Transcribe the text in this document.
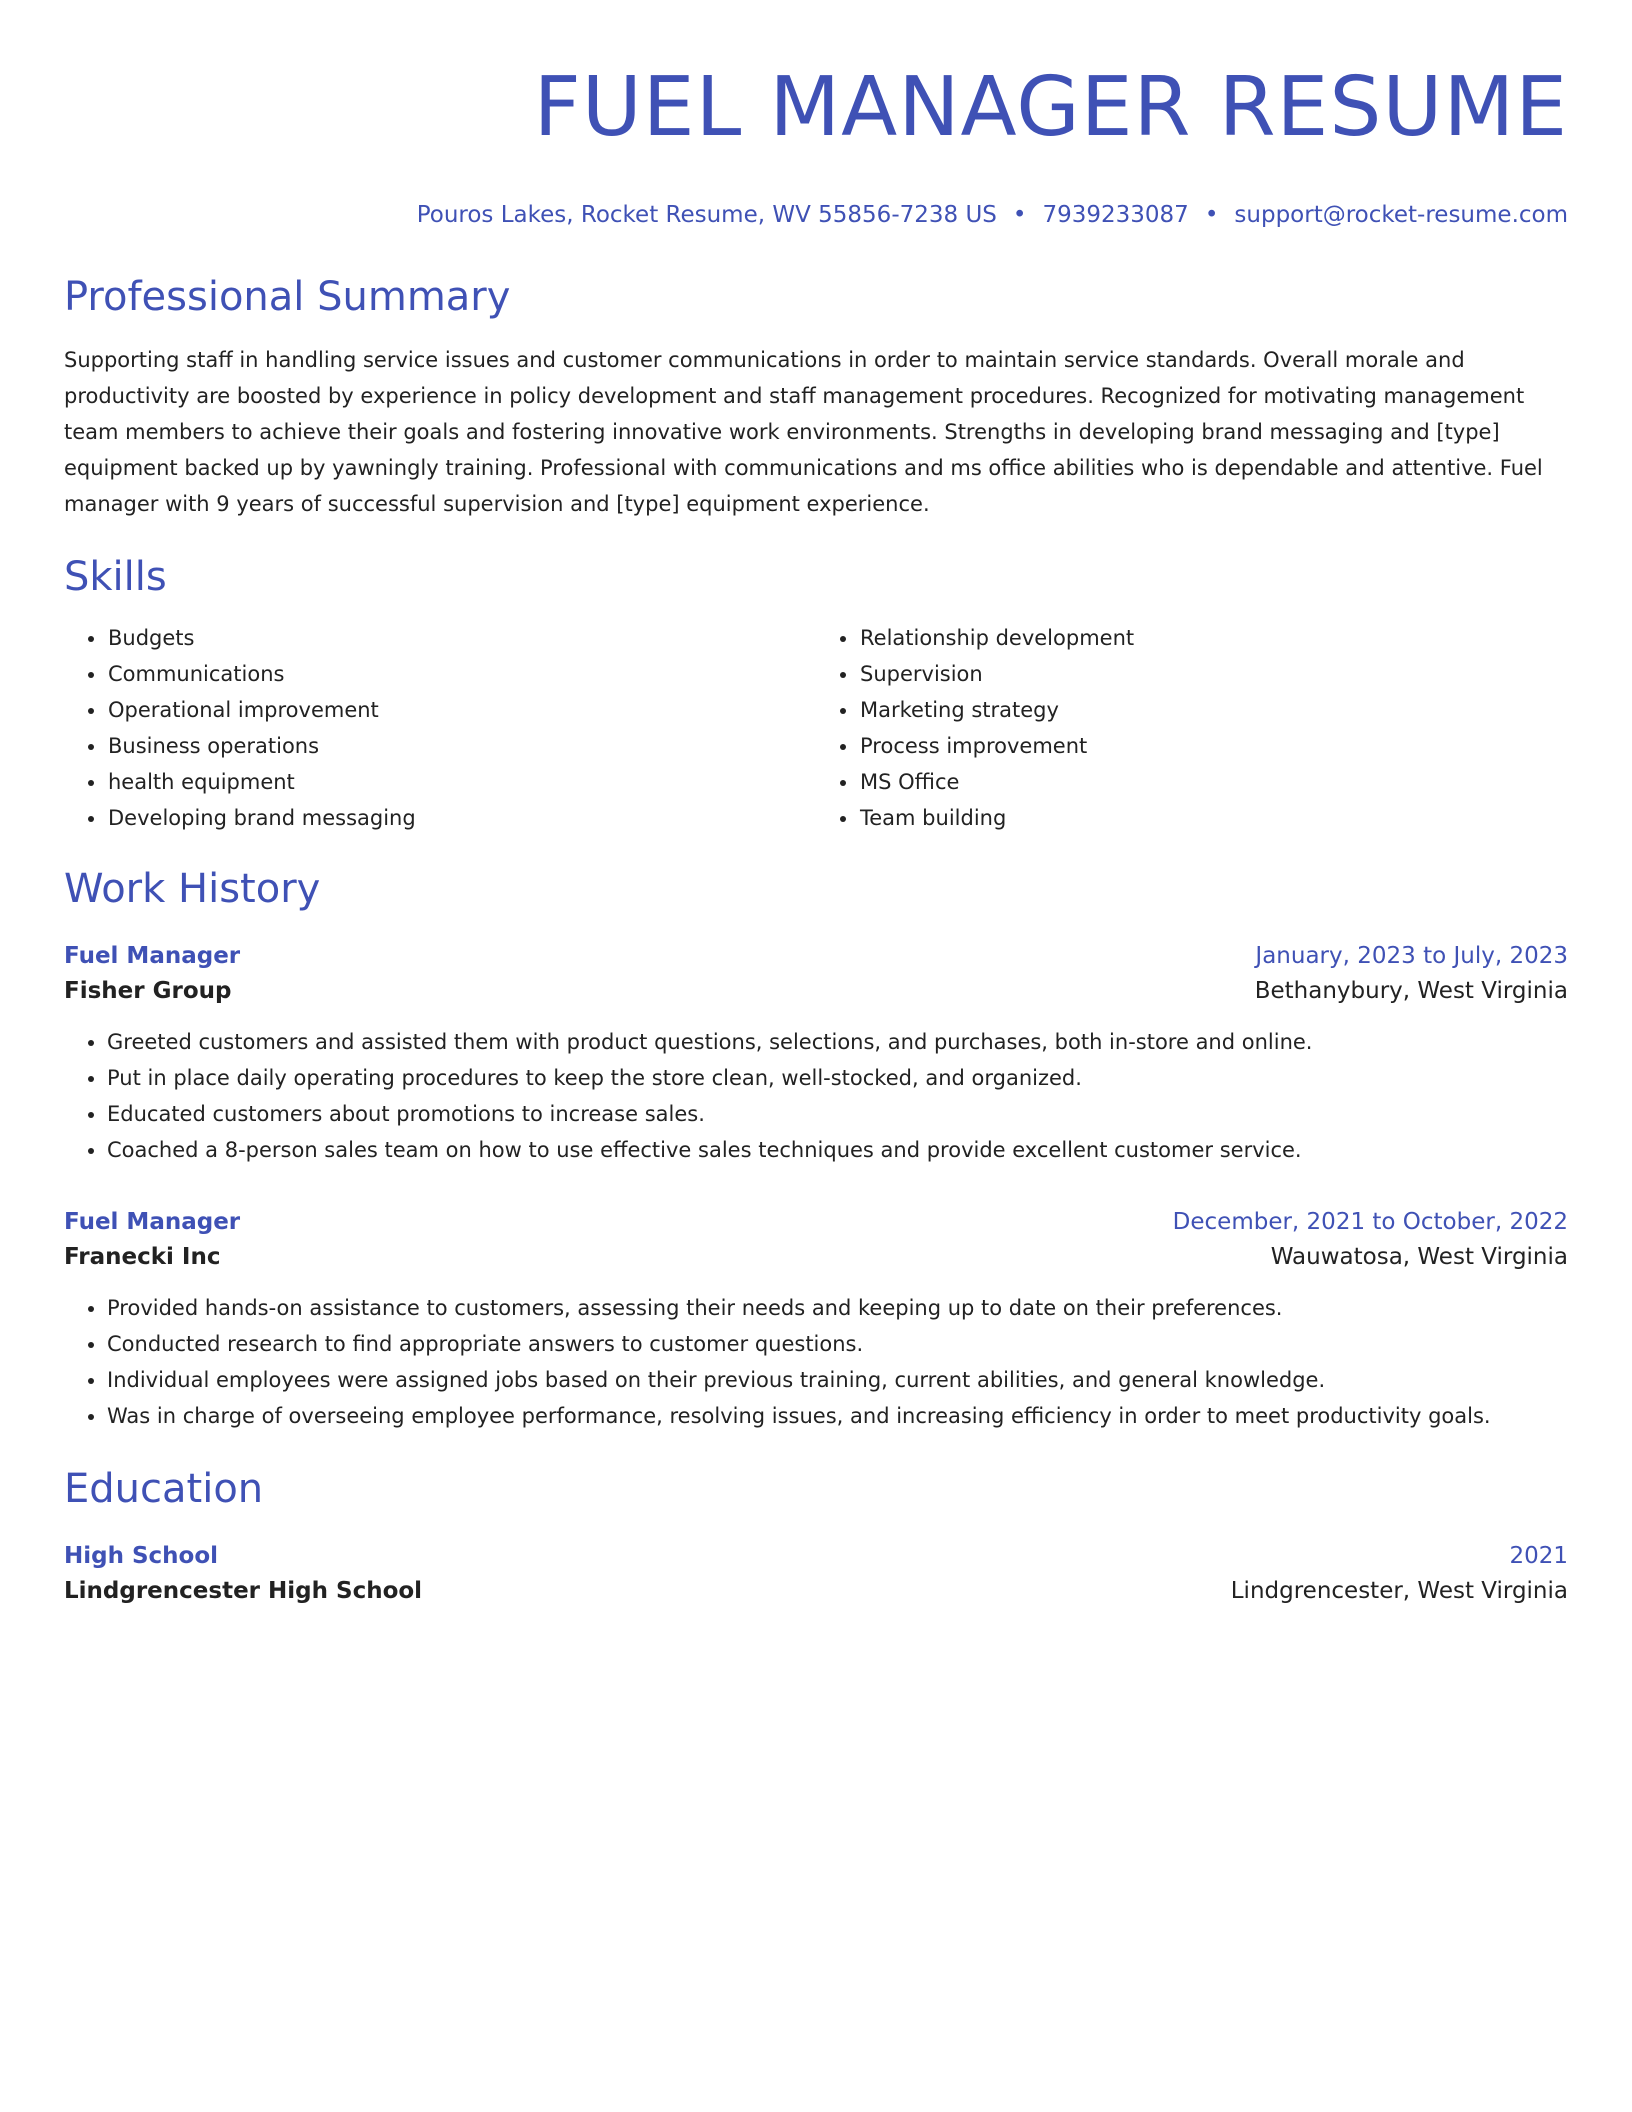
FUEL MANAGER RESUME
Pouros Lakes, Rocket Resume, WV 55856-7238 US • 7939233087 • support@rocket-resume.com
Professional Summary
Supporting staff in handling service issues and customer communications in order to maintain service standards. Overall morale and productivity are boosted by experience in policy development and staff management procedures. Recognized for motivating management team members to achieve their goals and fostering innovative work environments. Strengths in developing brand messaging and [type] equipment backed up by yawningly training. Professional with communications and ms office abilities who is dependable and attentive. Fuel manager with 9 years of successful supervision and [type] equipment experience.
Skills
• Budgets
• Communications
• Operational improvement
• Business operations
• health equipment
• Developing brand messaging
• Relationship development
• Supervision
• Marketing strategy
• Process improvement
• MS Office
• Team building
Work History
Fuel Manager	January, 2023 to July, 2023
Fisher Group	Bethanybury, West Virginia
• Greeted customers and assisted them with product questions, selections, and purchases, both in-store and online.
• Put in place daily operating procedures to keep the store clean, well-stocked, and organized.
• Educated customers about promotions to increase sales.
• Coached a 8-person sales team on how to use effective sales techniques and provide excellent customer service.
Fuel Manager	December, 2021 to October, 2022
Franecki Inc	Wauwatosa, West Virginia
• Provided hands-on assistance to customers, assessing their needs and keeping up to date on their preferences.
• Conducted research to find appropriate answers to customer questions.
• Individual employees were assigned jobs based on their previous training, current abilities, and general knowledge.
• Was in charge of overseeing employee performance, resolving issues, and increasing efficiency in order to meet productivity goals.
Education
High School	2021
Lindgrencester High School	Lindgrencester, West Virginia
